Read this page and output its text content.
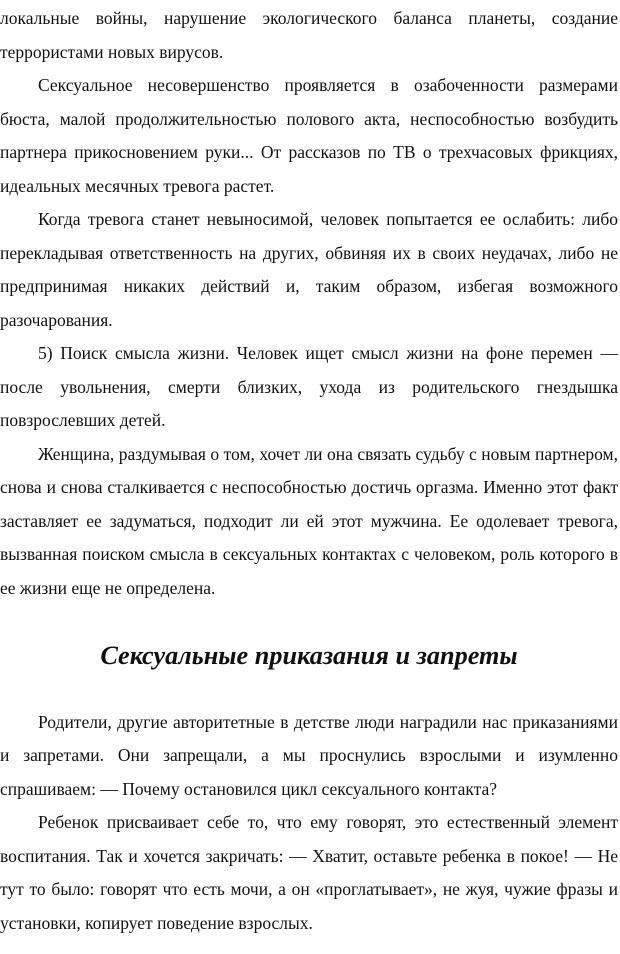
локальные войны, нарушение экологического баланса планеты, создание террористами новых вирусов.

Сексуальное несовершенство проявляется в озабоченности размерами бюста, малой продолжительностью полового акта, неспособностью возбудить партнера прикосновением руки... От рассказов по ТВ о трехчасовых фрикциях, идеальных месячных тревога растет.

Когда тревога станет невыносимой, человек попытается ее ослабить: либо перекладывая ответственность на других, обвиняя их в своих неудачах, либо не предпринимая никаких действий и, таким образом, избегая возможного разочарования.

5) Поиск смысла жизни. Человек ищет смысл жизни на фоне перемен — после увольнения, смерти близких, ухода из родительского гнездышка повзрослевших детей.

Женщина, раздумывая о том, хочет ли она связать судьбу с новым партнером, снова и снова сталкивается с неспособностью достичь оргазма. Именно этот факт заставляет ее задуматься, подходит ли ей этот мужчина. Ее одолевает тревога, вызванная поиском смысла в сексуальных контактах с человеком, роль которого в ее жизни еще не определена.

Сексуальные приказания и запреты

Родители, другие авторитетные в детстве люди наградили нас приказаниями и запретами. Они запрещали, а мы проснулись взрослыми и изумленно спрашиваем: — Почему остановился цикл сексуального контакта?

Ребенок присваивает себе то, что ему говорят, это естественный элемент воспитания. Так и хочется закричать: — Хватит, оставьте ребенка в покое! — Не тут то было: говорят что есть мочи, а он «проглатывает», не жуя, чужие фразы и установки, копирует поведение взрослых.
